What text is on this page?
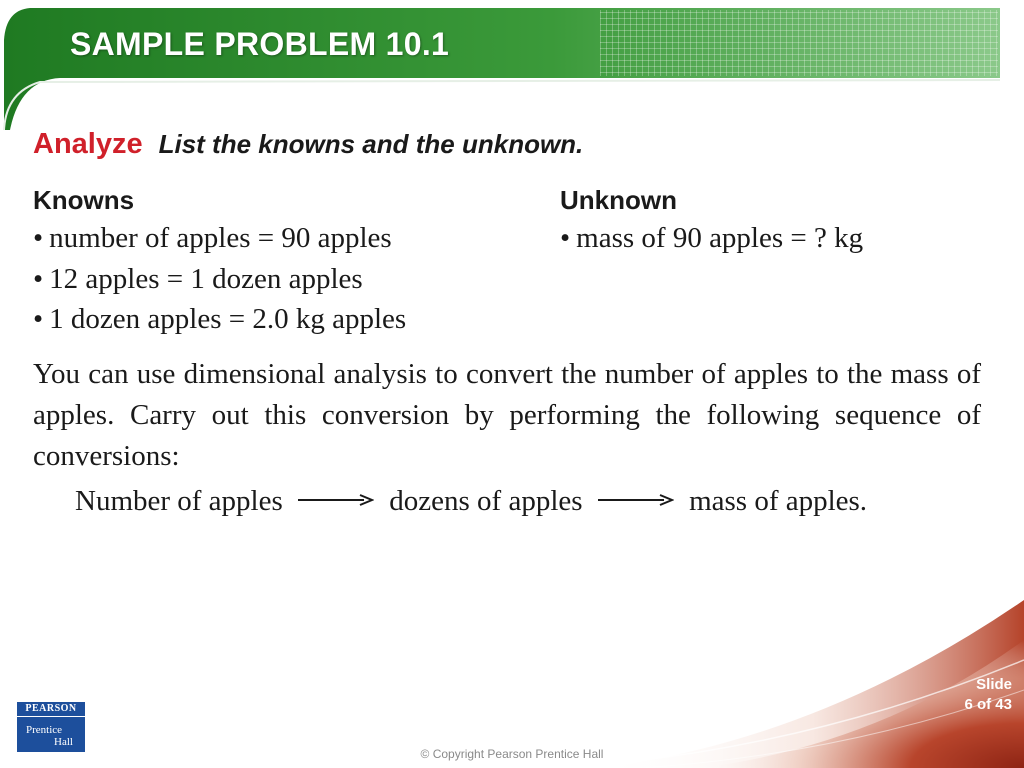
SAMPLE PROBLEM 10.1
Analyze List the knowns and the unknown.
Knowns	Unknown
• number of apples = 90 apples
• 12 apples = 1 dozen apples
• 1 dozen apples = 2.0 kg apples
• mass of 90 apples = ? kg

You can use dimensional analysis to convert the number of apples to the mass of apples. Carry out this conversion by performing the following sequence of conversions:

Number of apples	dozens of apples	mass of apples.
PEARSON
Prentice
Hall
Slide
6 of 43
© Copyright Pearson Prentice Hall
